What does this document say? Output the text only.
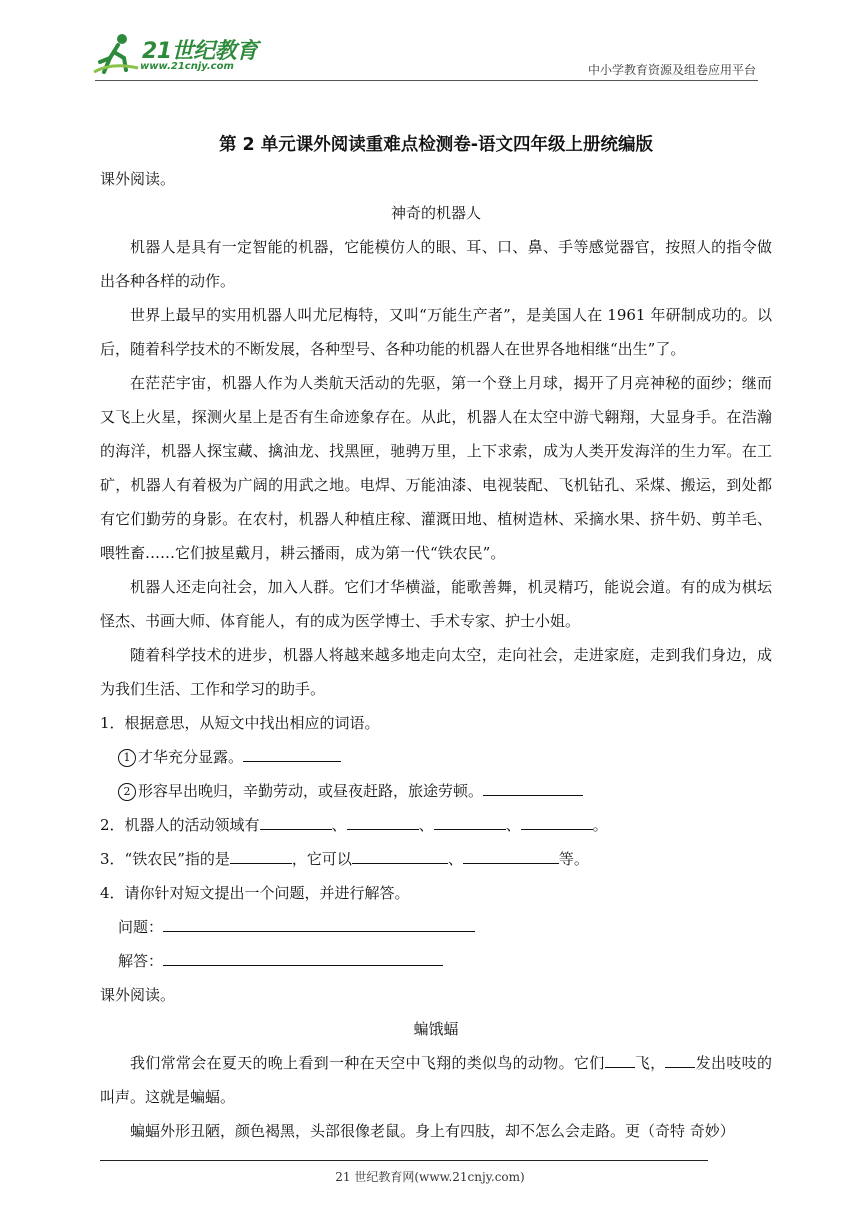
21世纪教育
www.21cnjy.com	中小学教育资源及组卷应用平台

第 2 单元课外阅读重难点检测卷-语文四年级上册统编版

课外阅读。

神奇的机器人

机器人是具有一定智能的机器，它能模仿人的眼、耳、口、鼻、手等感觉器官，按照人的指令做出各种各样的动作。

世界上最早的实用机器人叫尤尼梅特，又叫“万能生产者”，是美国人在 1961 年研制成功的。以后，随着科学技术的不断发展，各种型号、各种功能的机器人在世界各地相继“出生”了。

在茫茫宇宙，机器人作为人类航天活动的先驱，第一个登上月球，揭开了月亮神秘的面纱；继而又飞上火星，探测火星上是否有生命迹象存在。从此，机器人在太空中游弋翱翔，大显身手。在浩瀚的海洋，机器人探宝藏、擒油龙、找黑匣，驰骋万里，上下求索，成为人类开发海洋的生力军。在工矿，机器人有着极为广阔的用武之地。电焊、万能油漆、电视装配、飞机钻孔、采煤、搬运，到处都有它们勤劳的身影。在农村，机器人种植庄稼、灌溉田地、植树造林、采摘水果、挤牛奶、剪羊毛、喂牲畜……它们披星戴月，耕云播雨，成为第一代“铁农民”。

机器人还走向社会，加入人群。它们才华横溢，能歌善舞，机灵精巧，能说会道。有的成为棋坛怪杰、书画大师、体育能人，有的成为医学博士、手术专家、护士小姐。

随着科学技术的进步，机器人将越来越多地走向太空，走向社会，走进家庭，走到我们身边，成为我们生活、工作和学习的助手。

1．根据意思，从短文中找出相应的词语。

1 才华充分显露。

2 形容早出晚归，辛勤劳动，或昼夜赶路，旅途劳顿。

2．机器人的活动领域有	、	、	、	。

3．“铁农民”指的是	，它可以	、	等。

4．请你针对短文提出一个问题，并进行解答。

问题：

解答：

课外阅读。

蝙饿蝠

我们常常会在夏天的晚上看到一种在天空中飞翔的类似鸟的动物。它们 飞， 发出吱吱的叫声。这就是蝙蝠。

蝙蝠外形丑陋，颜色褐黑，头部很像老鼠。身上有四肢，却不怎么会走路。更（奇特 奇妙）

21 世纪教育网(www.21cnjy.com)
